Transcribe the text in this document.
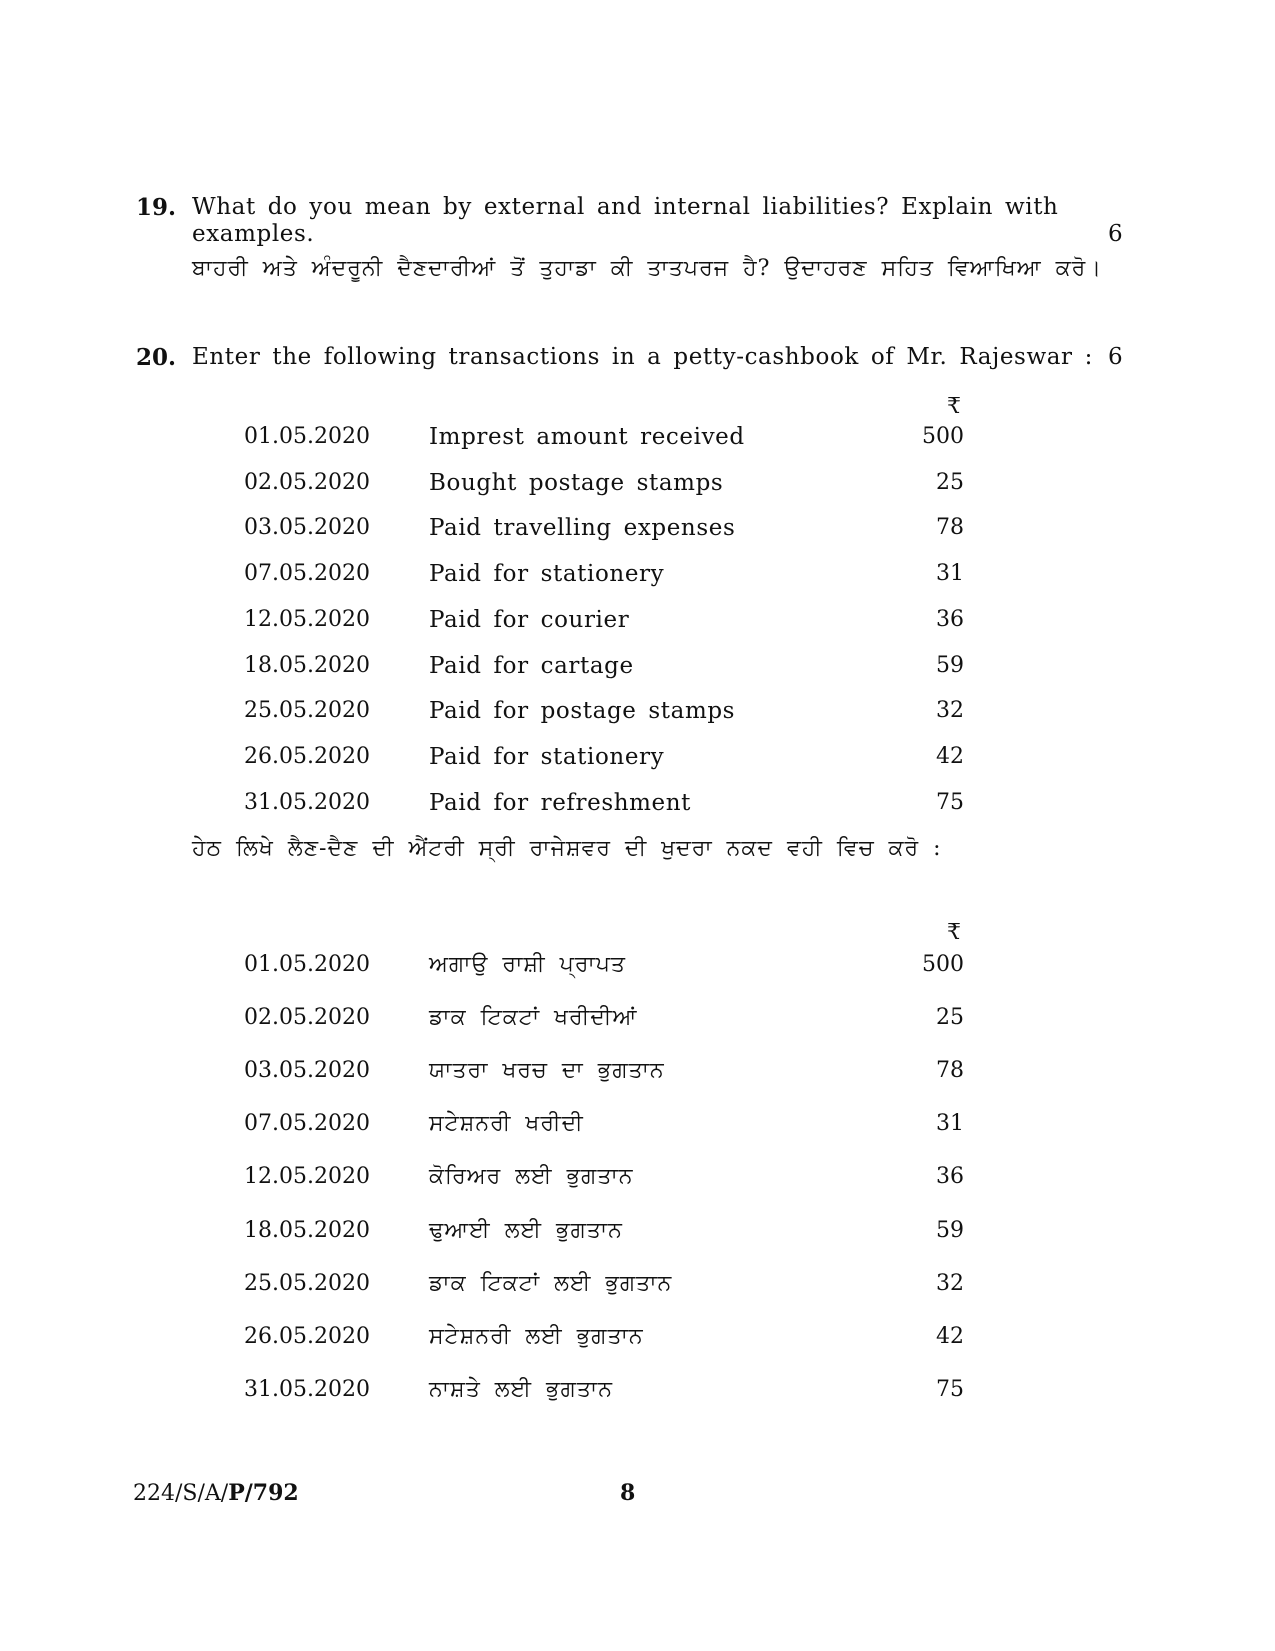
19. What do you mean by external and internal liabilities? Explain with
examples.	6
ਬਾਹਰੀ ਅਤੇ ਅੰਦਰੂਨੀ ਦੈਣਦਾਰੀਆਂ ਤੋਂ ਤੁਹਾਡਾ ਕੀ ਤਾਤਪਰਜ ਹੈ? ਉਦਾਹਰਣ ਸਹਿਤ ਵਿਆਖਿਆ ਕਰੋ।
20. Enter the following transactions in a petty-cashbook of Mr. Rajeswar : 6
₹
01.05.2020	Imprest amount received	500
02.05.2020	Bought postage stamps	25
03.05.2020	Paid travelling expenses	78
07.05.2020	Paid for stationery	31
12.05.2020	Paid for courier	36
18.05.2020	Paid for cartage	59
25.05.2020	Paid for postage stamps	32
26.05.2020	Paid for stationery	42
31.05.2020	Paid for refreshment	75
ਹੇਠ ਲਿਖੇ ਲੈਣ-ਦੈਣ ਦੀ ਐਂਟਰੀ ਸ੍ਰੀ ਰਾਜੇਸ਼ਵਰ ਦੀ ਖੁਦਰਾ ਨਕਦ ਵਹੀ ਵਿਚ ਕਰੋ :
₹
01.05.2020	ਅਗਾਉ ਰਾਸ਼ੀ ਪ੍ਰਾਪਤ	500
02.05.2020	ਡਾਕ ਟਿਕਟਾਂ ਖਰੀਦੀਆਂ	25
03.05.2020	ਯਾਤਰਾ ਖਰਚ ਦਾ ਭੁਗਤਾਨ	78
07.05.2020	ਸਟੇਸ਼ਨਰੀ ਖਰੀਦੀ	31
12.05.2020	ਕੋਰਿਅਰ ਲਈ ਭੁਗਤਾਨ	36
18.05.2020	ਢੁਆਈ ਲਈ ਭੁਗਤਾਨ	59
25.05.2020	ਡਾਕ ਟਿਕਟਾਂ ਲਈ ਭੁਗਤਾਨ	32
26.05.2020	ਸਟੇਸ਼ਨਰੀ ਲਈ ਭੁਗਤਾਨ	42
31.05.2020	ਨਾਸ਼ਤੇ ਲਈ ਭੁਗਤਾਨ	75
224/S/A/P/792	8
